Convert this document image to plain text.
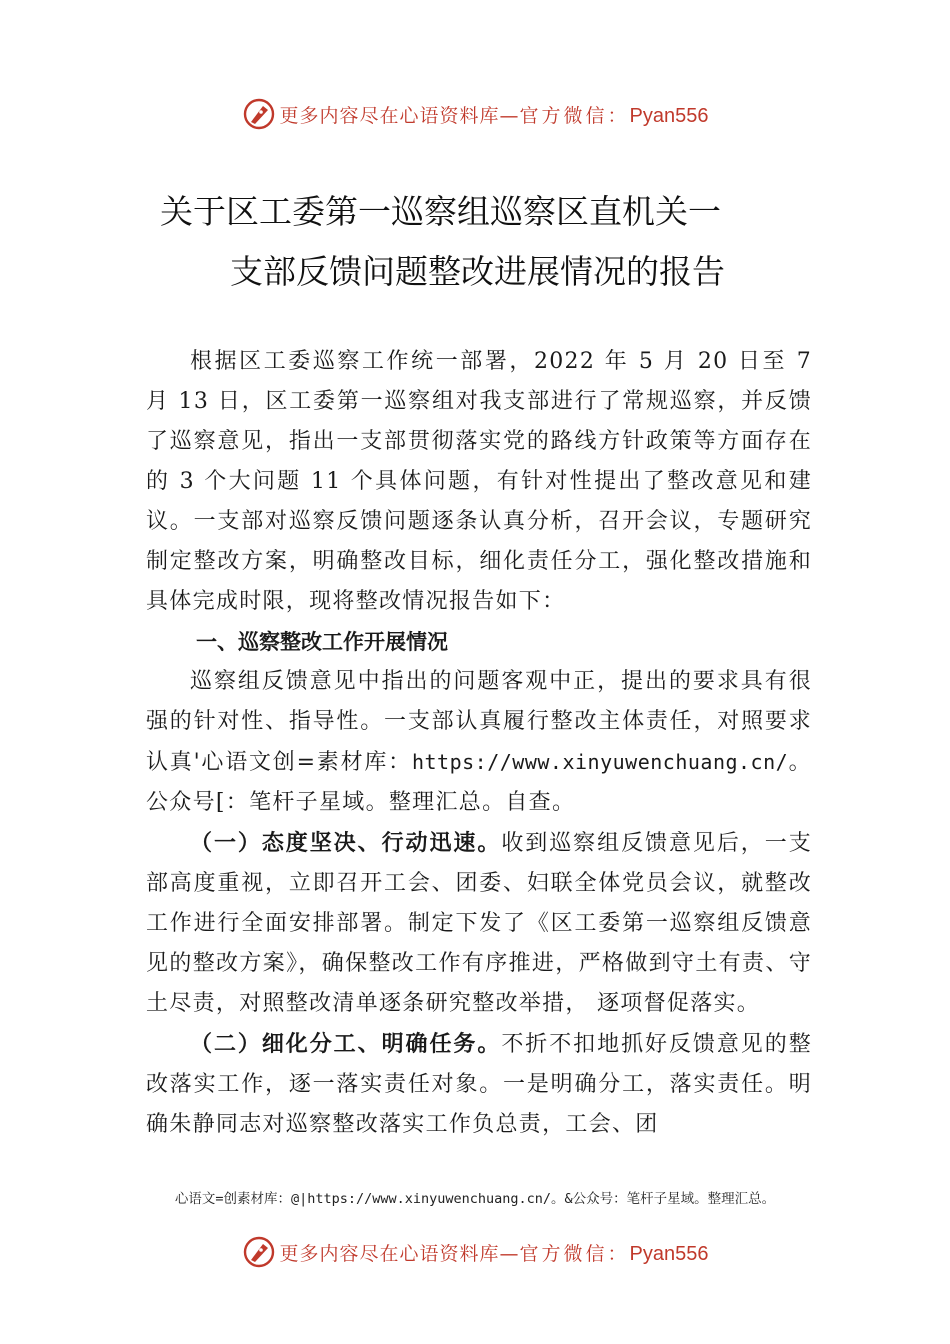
更多内容尽在心语资料库—官方微信：Pyan556
关于区工委第一巡察组巡察区直机关一
支部反馈问题整改进展情况的报告

根据区工委巡察工作统一部署，2022 年 5 月 20 日至 7 月 13 日，区工委第一巡察组对我支部进行了常规巡察，并反馈了巡察意见，指出一支部贯彻落实党的路线方针政策等方面存在的 3 个大问题 11 个具体问题，有针对性提出了整改意见和建议。一支部对巡察反馈问题逐条认真分析，召开会议，专题研究制定整改方案，明确整改目标，细化责任分工，强化整改措施和具体完成时限，现将整改情况报告如下：

一、巡察整改工作开展情况

巡察组反馈意见中指出的问题客观中正，提出的要求具有很强的针对性、指导性。一支部认真履行整改主体责任，对照要求认真'心语文创=素材库：https://www.xinyuwenchuang.cn/。公众号[：笔杆子星域。整理汇总。自查。

（一）态度坚决、行动迅速。收到巡察组反馈意见后，一支部高度重视，立即召开工会、团委、妇联全体党员会议，就整改工作进行全面安排部署。制定下发了《区工委第一巡察组反馈意见的整改方案》，确保整改工作有序推进，严格做到守土有责、守土尽责，对照整改清单逐条研究整改举措， 逐项督促落实。

（二）细化分工、明确任务。不折不扣地抓好反馈意见的整改落实工作，逐一落实责任对象。一是明确分工，落实责任。明确朱静同志对巡察整改落实工作负总责，工会、团

心语文=创素材库：@|https://www.xinyuwenchuang.cn/。&公众号：笔杆子星域。整理汇总。
更多内容尽在心语资料库—官方微信：Pyan556
